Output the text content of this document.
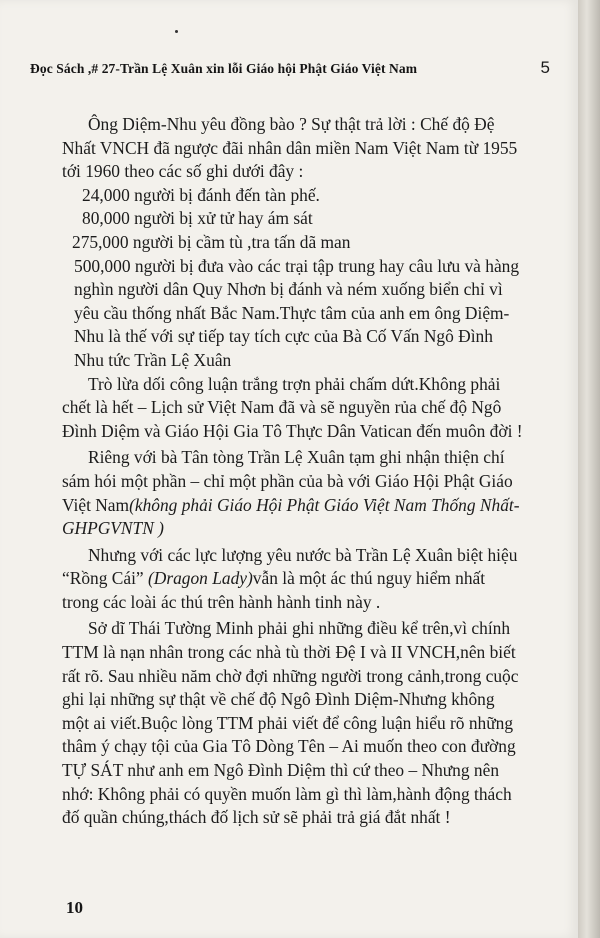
Đọc Sách ,# 27-Trần Lệ Xuân xin lỗi Giáo hội Phật Giáo Việt Nam	5

Ông Diệm-Nhu yêu đồng bào ? Sự thật trả lời : Chế độ Đệ Nhất VNCH đã ngược đãi nhân dân miền Nam Việt Nam từ 1955 tới 1960 theo các số ghi dưới đây :

24,000 người bị đánh đến tàn phế.

80,000 người bị xử tử hay ám sát

275,000 người bị cầm tù ,tra tấn dã man

500,000 người bị đưa vào các trại tập trung hay câu lưu và hàng nghìn người dân Quy Nhơn bị đánh và ném xuống biển chỉ vì yêu cầu thống nhất Bắc Nam.Thực tâm của anh em ông Diệm-Nhu là thế với sự tiếp tay tích cực của Bà Cố Vấn Ngô Đình Nhu tức Trần Lệ Xuân

Trò lừa dối công luận trắng trợn phải chấm dứt.Không phải chết là hết – Lịch sử Việt Nam đã và sẽ nguyền rủa chế độ Ngô Đình Diệm và Giáo Hội Gia Tô Thực Dân Vatican đến muôn đời !

Riêng với bà Tân tòng Trần Lệ Xuân tạm ghi nhận thiện chí sám hói một phần – chỉ một phần của bà với Giáo Hội Phật Giáo Việt Nam(không phải Giáo Hội Phật Giáo Việt Nam Thống Nhất-GHPGVNTN )

Nhưng với các lực lượng yêu nước bà Trần Lệ Xuân biệt hiệu “Rồng Cái” (Dragon Lady)vẫn là một ác thú nguy hiểm nhất trong các loài ác thú trên hành hành tinh này .

Sở dĩ Thái Tường Minh phải ghi những điều kể trên,vì chính TTM là nạn nhân trong các nhà tù thời Đệ I và II VNCH,nên biết rất rõ. Sau nhiều năm chờ đợi những người trong cảnh,trong cuộc ghi lại những sự thật về chế độ Ngô Đình Diệm-Nhưng không một ai viết.Buộc lòng TTM phải viết để công luận hiểu rõ những thâm ý chạy tội của Gia Tô Dòng Tên – Ai muốn theo con đường TỰ SÁT như anh em Ngô Đình Diệm thì cứ theo – Nhưng nên nhớ: Không phải có quyền muốn làm gì thì làm,hành động thách đố quần chúng,thách đố lịch sử sẽ phải trả giá đắt nhất !

10
